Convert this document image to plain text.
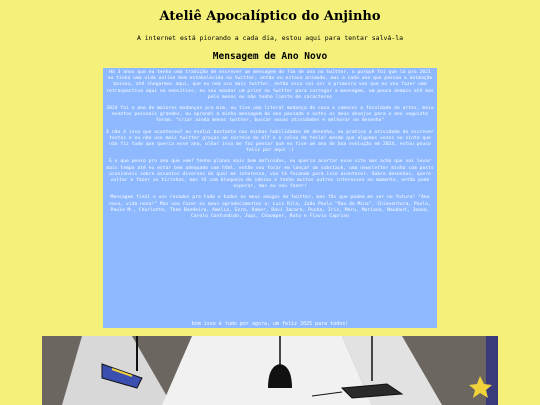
Ateliê Apocalíptico do Anjinho
A internet está piorando a cada dia, estou aqui para tentar salvá-la
Mensagem de Ano Novo

Há 3 anos que eu tenho uma tradição de escrever um mensagem de fim de ano no twitter, o porquê foi que lá pra 2021 eu tinha uma vida online bem estabelecida no twitter, então eu estava animado, mas a cada ano que passou a animação baixou, até chegarmos aqui, que eu nem uso mais twitter, então essa vai ser a primeira vez que eu vou fazer uma retrospectiva aqui no neocities, eu vou mandar um print no twitter para carregar a mensagem, um pouco demais até mas pelo menos eu não tenho limite de caracteres

2024 foi o ano de maiores mudanças pra mim, eu tive uma literal mudança de casa e comecei a faculdade de artes, meio eventos pessoais grandes, eu aprendi a minha mensagem do ano passado e notei os meus desejos para o ano seguinte foram: "criar ainda menos twitter, buscar novas atividades e melhorar no desenho"

E não é isso que aconteceu? eu evoluí bastante nas minhas habilidades de desenho, eu pratico a atividade de escrever textos e eu não uso mais twitter graças ao correio do elf e o calvo da tesla! mesmo que algumas vezes eu sinta que não fiz tudo que queria esse ano, olhar isso me faz pensar que eu tive um ano de boa evolução em 2024, estou pouco feliz por aqui :)

E o que penso pro ano que vem? tenho planos mais bem definidos, eu queria acertar esse site mas acho que vai levar mais tempo até eu estar bem adequado com html, então vou focar em lançar um substack, uma newsletter minha com posts ocasionais sobre assuntos diversos do qual me interesso, vou tá focando para isso acontecer. Sobre desenhos, quero voltar a fazer as tirinhas, mas tô com bloqueio de ideias e tenho muitos outros interesses no momento, então pode esperar, mas eu vou fazer!

Mensagem final e uns recados pra tudo e todos os meus amigos do twitter, mas fãs que podem me ver no futuro! "Ano novo, vida nova!" Mas vou fazer os meus agradecimentos a: Luiz Rila, João Paulo "Rau do Mina", Chiaventura, Paulo, Paulo M., Charlotte, Theo Bandeira, Amelia, Ezra, Raber, Davi Jacare, Pucha, Iris, Meru, Mariana, Naudant, Joana, Carolo Confundido, Jupi, Chaomper, Rato e Flavio Caprino

bom isso é tudo por agora, um feliz 2025 para todos!
